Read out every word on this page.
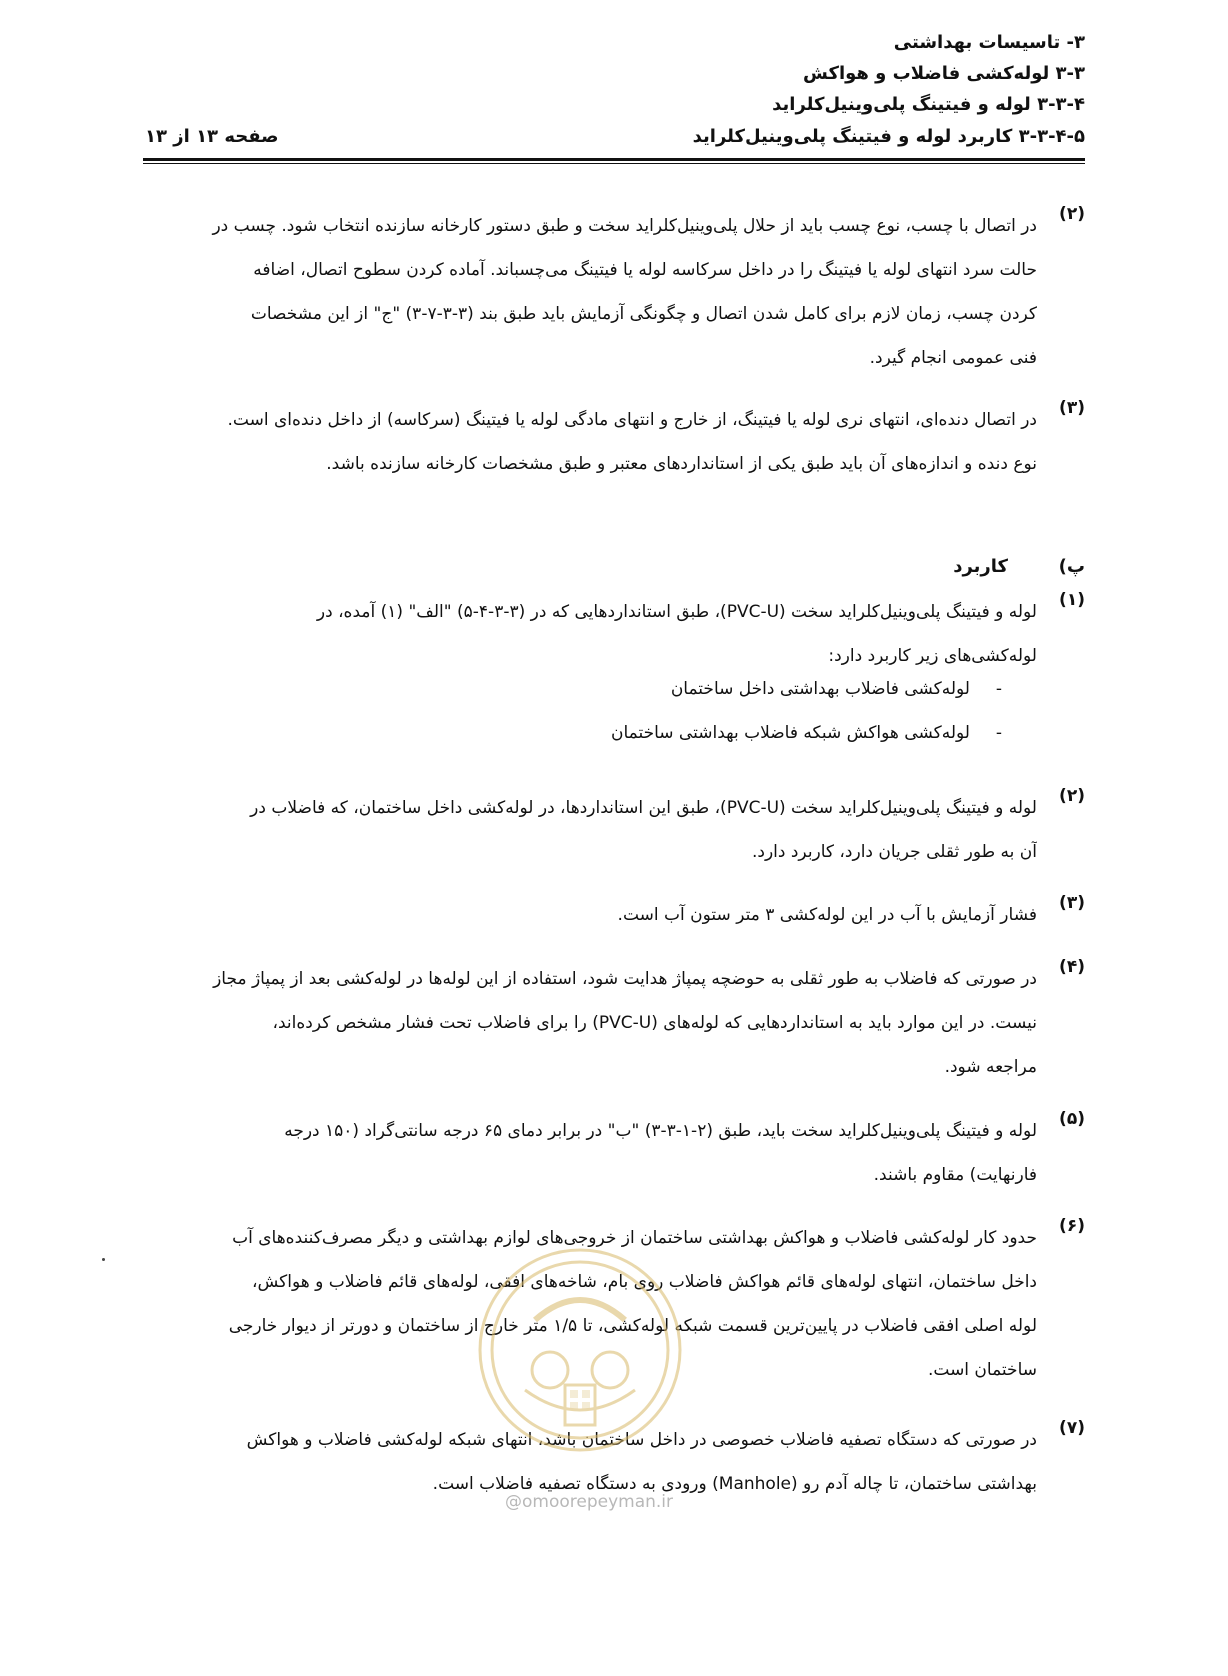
۳- تاسیسات بهداشتی
۳-۳ لوله‌کشی فاضلاب و هواکش
۳-۳-۴ لوله و فیتینگ پلی‌وینیل‌کلراید
۳-۳-۴-۵ کاربرد لوله و فیتینگ پلی‌وینیل‌کلراید
صفحه ۱۳ از ۱۳
(۲)
در اتصال با چسب، نوع چسب باید از حلال پلی‌وینیل‌کلراید سخت و طبق دستور کارخانه سازنده انتخاب شود. چسب در
حالت سرد انتهای لوله یا فیتینگ را در داخل سرکاسه لوله یا فیتینگ می‌چسباند. آماده کردن سطوح اتصال، اضافه
کردن چسب، زمان لازم برای کامل شدن اتصال و چگونگی آزمایش باید طبق بند (۳-۳-۷-۳) "ج" از این مشخصات
فنی عمومی انجام گیرد.
(۳)
در اتصال دنده‌ای، انتهای نری لوله یا فیتینگ، از خارج و انتهای مادگی لوله یا فیتینگ (سرکاسه) از داخل دنده‌ای است.
نوع دنده و اندازه‌های آن باید طبق یکی از استانداردهای معتبر و طبق مشخصات کارخانه سازنده باشد.
پ)
کاربرد
(۱)
لوله و فیتینگ پلی‌وینیل‌کلراید سخت (PVC-U)، طبق استانداردهایی که در (۳-۳-۴-۵) "الف" (۱) آمده، در
لوله‌کشی‌های زیر کاربرد دارد:
-
لوله‌کشی فاضلاب بهداشتی داخل ساختمان
-
لوله‌کشی هواکش شبکه فاضلاب بهداشتی ساختمان
(۲)
لوله و فیتینگ پلی‌وینیل‌کلراید سخت (PVC-U)، طبق این استانداردها، در لوله‌کشی داخل ساختمان، که فاضلاب در
آن به طور ثقلی جریان دارد، کاربرد دارد.
(۳)
فشار آزمایش با آب در این لوله‌کشی ۳ متر ستون آب است.
(۴)
در صورتی که فاضلاب به طور ثقلی به حوضچه پمپاژ هدایت شود، استفاده از این لوله‌ها در لوله‌کشی بعد از پمپاژ مجاز
نیست. در این موارد باید به استانداردهایی که لوله‌های (PVC-U) را برای فاضلاب تحت فشار مشخص کرده‌اند،
مراجعه شود.
(۵)
لوله و فیتینگ پلی‌وینیل‌کلراید سخت باید، طبق (۲-۱-۳-۳) "ب" در برابر دمای ۶۵ درجه سانتی‌گراد (۱۵۰ درجه
فارنهایت) مقاوم باشند.
(۶)
حدود کار لوله‌کشی فاضلاب و هواکش بهداشتی ساختمان از خروجی‌های لوازم بهداشتی و دیگر مصرف‌کننده‌های آب
داخل ساختمان، انتهای لوله‌های قائم هواکش فاضلاب روی بام، شاخه‌های افقی، لوله‌های قائم فاضلاب و هواکش،
لوله اصلی افقی فاضلاب در پایین‌ترین قسمت شبکه لوله‌کشی، تا ۱/۵ متر خارج از ساختمان و دورتر از دیوار خارجی
ساختمان است.
(۷)
در صورتی که دستگاه تصفیه فاضلاب خصوصی در داخل ساختمان باشد، انتهای شبکه لوله‌کشی فاضلاب و هواکش
بهداشتی ساختمان، تا چاله آدم رو (Manhole) ورودی به دستگاه تصفیه فاضلاب است.
@omoorepeyman.ir
